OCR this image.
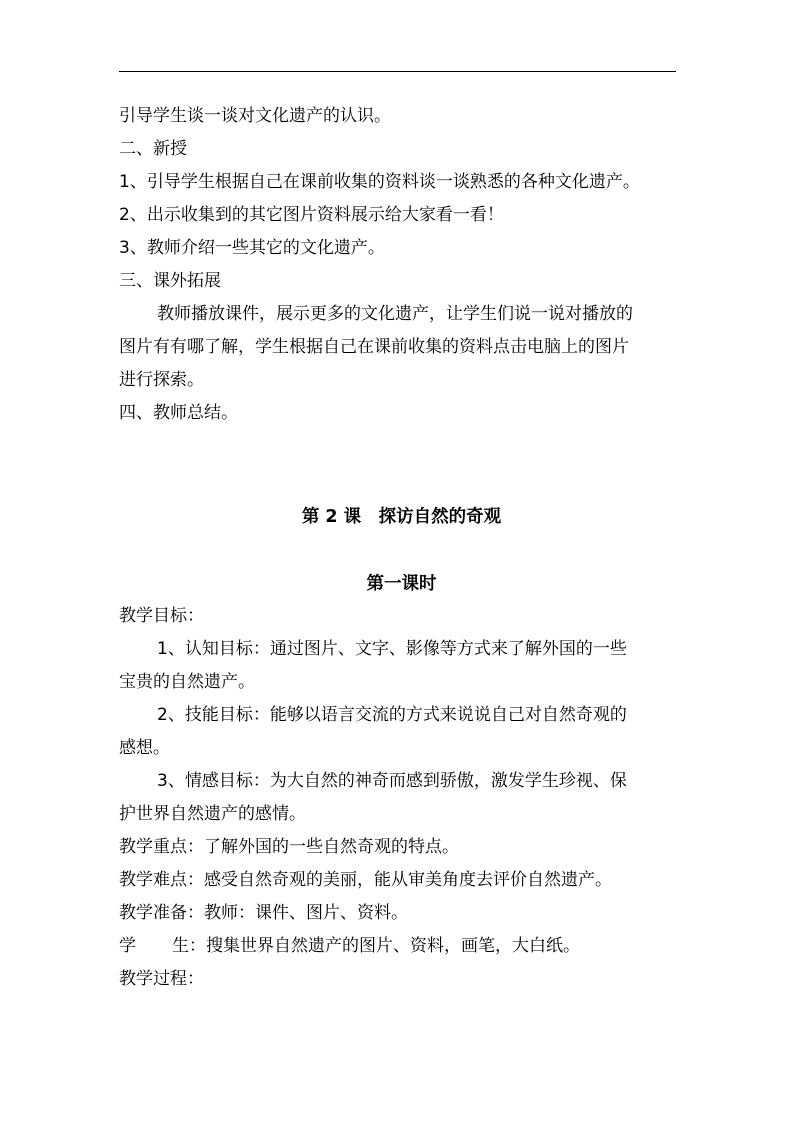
引导学生谈一谈对文化遗产的认识。
二、新授
1、引导学生根据自己在课前收集的资料谈一谈熟悉的各种文化遗产。
2、出示收集到的其它图片资料展示给大家看一看！
3、教师介绍一些其它的文化遗产。
三、课外拓展
教师播放课件，展示更多的文化遗产，让学生们说一说对播放的
图片有有哪了解，学生根据自己在课前收集的资料点击电脑上的图片
进行探索。
四、教师总结。
第 2 课　探访自然的奇观
第一课时
教学目标：
1、认知目标：通过图片、文字、影像等方式来了解外国的一些
宝贵的自然遗产。
2、技能目标：能够以语言交流的方式来说说自己对自然奇观的
感想。
3、情感目标：为大自然的神奇而感到骄傲，激发学生珍视、保
护世界自然遗产的感情。
教学重点：了解外国的一些自然奇观的特点。
教学难点：感受自然奇观的美丽，能从审美角度去评价自然遗产。
教学准备：教师：课件、图片、资料。
学 生：搜集世界自然遗产的图片、资料，画笔，大白纸。
教学过程：
